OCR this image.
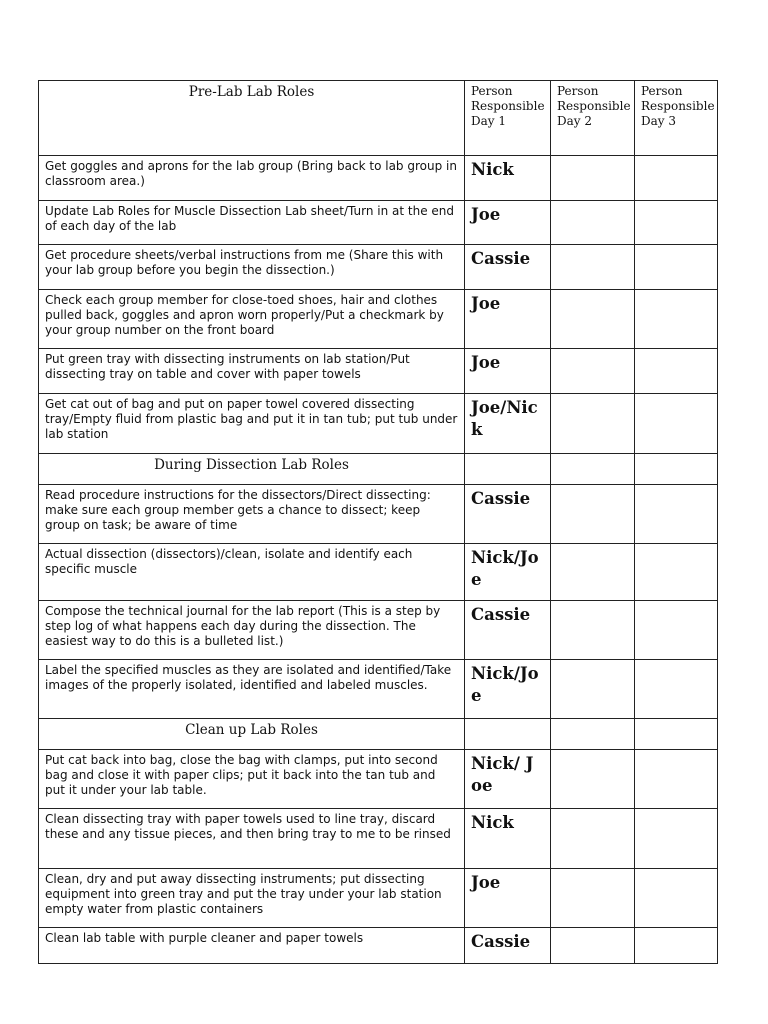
Pre-Lab Lab Roles	Person Responsible Day 1	Person Responsible Day 2	Person Responsible Day 3
Get goggles and aprons for the lab group (Bring back to lab group in classroom area.)	Nick		
Update Lab Roles for Muscle Dissection Lab sheet/Turn in at the end of each day of the lab	Joe		
Get procedure sheets/verbal instructions from me (Share this with your lab group before you begin the dissection.)	Cassie		
Check each group member for close-toed shoes, hair and clothes pulled back, goggles and apron worn properly/Put a checkmark by your group number on the front board	Joe		
Put green tray with dissecting instruments on lab station/Put dissecting tray on table and cover with paper towels	Joe		
Get cat out of bag and put on paper towel covered dissecting tray/Empty fluid from plastic bag and put it in tan tub; put tub under lab station	Joe/Nick		
During Dissection Lab Roles			
Read procedure instructions for the dissectors/Direct dissecting: make sure each group member gets a chance to dissect; keep group on task; be aware of time	Cassie		
Actual dissection (dissectors)/clean, isolate and identify each specific muscle	Nick/Joe		
Compose the technical journal for the lab report (This is a step by step log of what happens each day during the dissection. The easiest way to do this is a bulleted list.)	Cassie		
Label the specified muscles as they are isolated and identified/Take images of the properly isolated, identified and labeled muscles.	Nick/Joe		
Clean up Lab Roles			
Put cat back into bag, close the bag with clamps, put into second bag and close it with paper clips; put it back into the tan tub and put it under your lab table.	Nick/ Joe		
Clean dissecting tray with paper towels used to line tray, discard these and any tissue pieces, and then bring tray to me to be rinsed	Nick		
Clean, dry and put away dissecting instruments; put dissecting equipment into green tray and put the tray under your lab station empty water from plastic containers	Joe		
Clean lab table with purple cleaner and paper towels	Cassie		
